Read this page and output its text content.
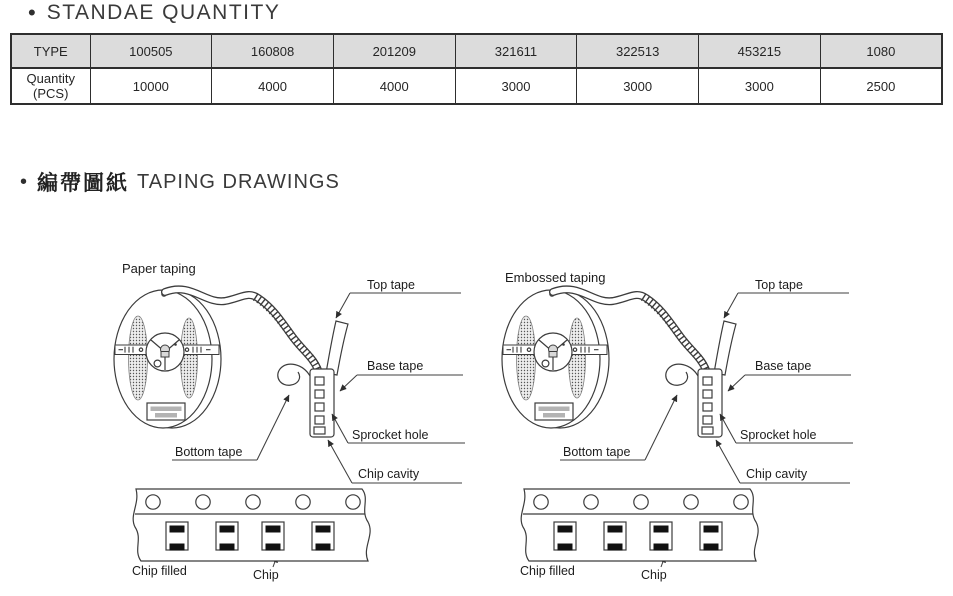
• STANDAE QUANTITY
TYPE	100505	160808	201209	321611	322513	453215	1080

Quantity
(PCS)	10000	4000	4000	3000	3000	3000	2500
• 編帶圖紙 TAPING DRAWINGS
Paper taping
Top tape
Base tape
Sprocket hole
Chip cavity
Bottom tape
Chip filled	Chip
Embossed taping	Top tape
Base tape
Sprocket hole
Chip cavity
Bottom tape
Chip filled	Chip
